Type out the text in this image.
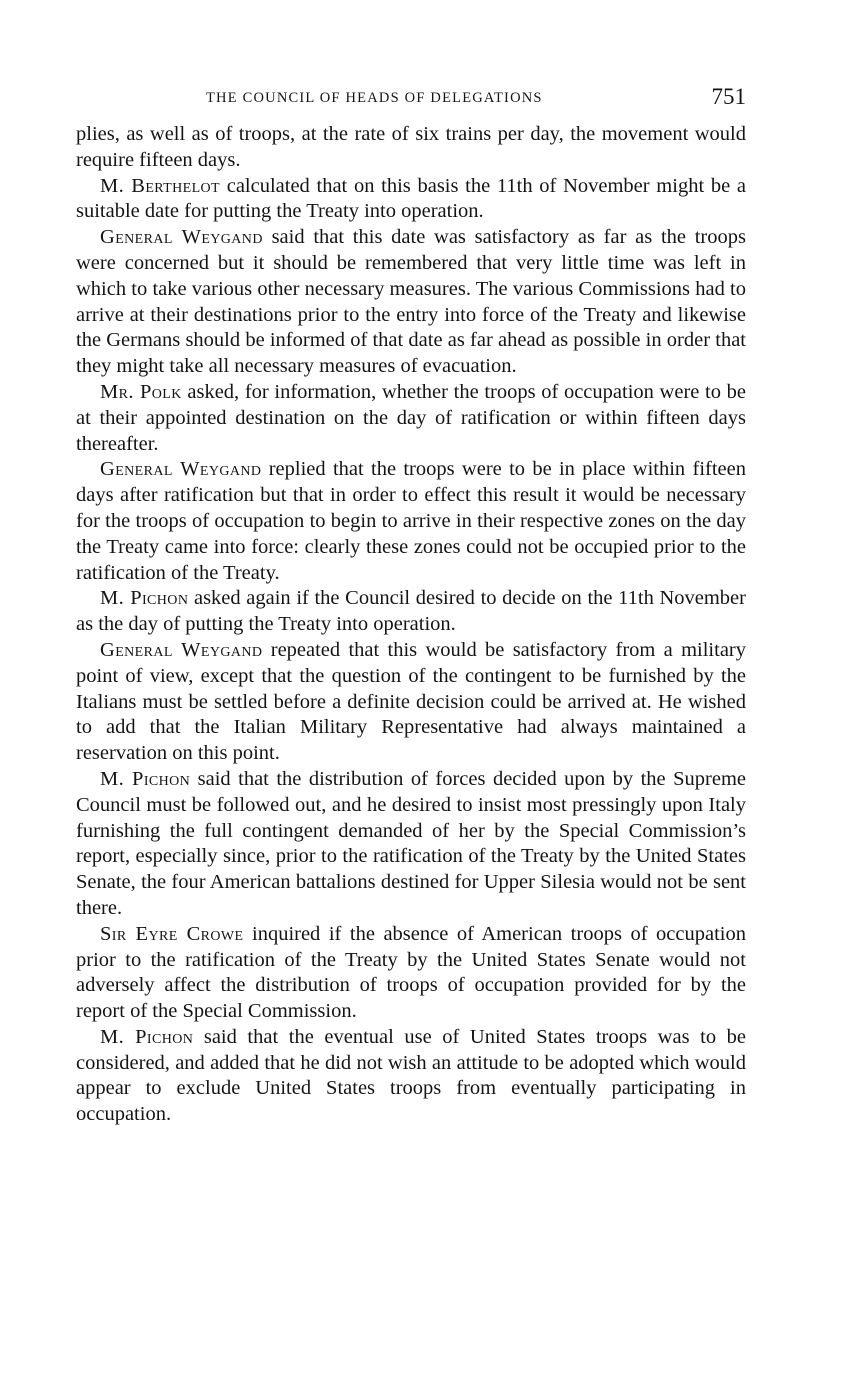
THE COUNCIL OF HEADS OF DELEGATIONS	751

plies, as well as of troops, at the rate of six trains per day, the movement would require fifteen days.

M. Berthelot calculated that on this basis the 11th of November might be a suitable date for putting the Treaty into operation.

General Weygand said that this date was satisfactory as far as the troops were concerned but it should be remembered that very little time was left in which to take various other necessary measures. The various Commissions had to arrive at their destinations prior to the entry into force of the Treaty and likewise the Germans should be informed of that date as far ahead as possible in order that they might take all necessary measures of evacuation.

Mr. Polk asked, for information, whether the troops of occupation were to be at their appointed destination on the day of ratification or within fifteen days thereafter.

General Weygand replied that the troops were to be in place within fifteen days after ratification but that in order to effect this result it would be necessary for the troops of occupation to begin to arrive in their respective zones on the day the Treaty came into force: clearly these zones could not be occupied prior to the ratification of the Treaty.

M. Pichon asked again if the Council desired to decide on the 11th November as the day of putting the Treaty into operation.

General Weygand repeated that this would be satisfactory from a military point of view, except that the question of the contingent to be furnished by the Italians must be settled before a definite decision could be arrived at. He wished to add that the Italian Military Representative had always maintained a reservation on this point.

M. Pichon said that the distribution of forces decided upon by the Supreme Council must be followed out, and he desired to insist most pressingly upon Italy furnishing the full contingent demanded of her by the Special Commission’s report, especially since, prior to the ratification of the Treaty by the United States Senate, the four American battalions destined for Upper Silesia would not be sent there.

Sir Eyre Crowe inquired if the absence of American troops of occupation prior to the ratification of the Treaty by the United States Senate would not adversely affect the distribution of troops of occupation provided for by the report of the Special Commission.

M. Pichon said that the eventual use of United States troops was to be considered, and added that he did not wish an attitude to be adopted which would appear to exclude United States troops from eventually participating in occupation.
